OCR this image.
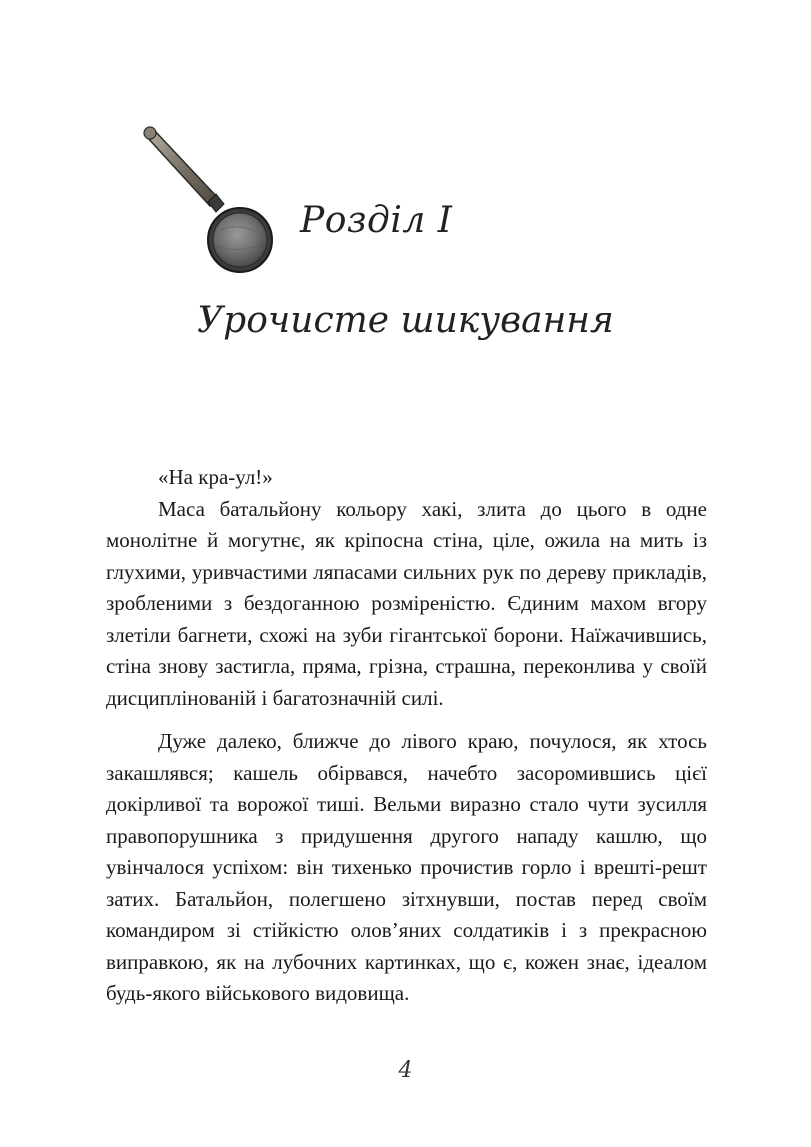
Розділ I
Урочисте шикування

«На кра-ул!»

Маса батальйону кольору хакі, злита до цього в одне монолітне й могутнє, як кріпосна стіна, ціле, ожила на мить із глухими, уривчастими ляпасами сильних рук по дереву прикладів, зробленими з бездоганною розміреністю. Єдиним махом вгору злетіли багнети, схожі на зуби гігантської борони. Наїжачившись, стіна знову застигла, пряма, грізна, страшна, переконлива у своїй дисциплінованій і багатозначній силі.

Дуже далеко, ближче до лівого краю, почулося, як хтось закашлявся; кашель обірвався, начебто засоромившись цієї докірливої та ворожої тиші. Вельми виразно стало чути зусилля правопорушника з придушення другого нападу кашлю, що увінчалося успіхом: він тихенько прочистив горло і врешті-решт затих. Батальйон, полегшено зітхнувши, постав перед своїм командиром зі стійкістю олов’яних солдатиків і з прекрасною виправкою, як на лубочних картинках, що є, кожен знає, ідеалом будь-якого військового видовища.

4
